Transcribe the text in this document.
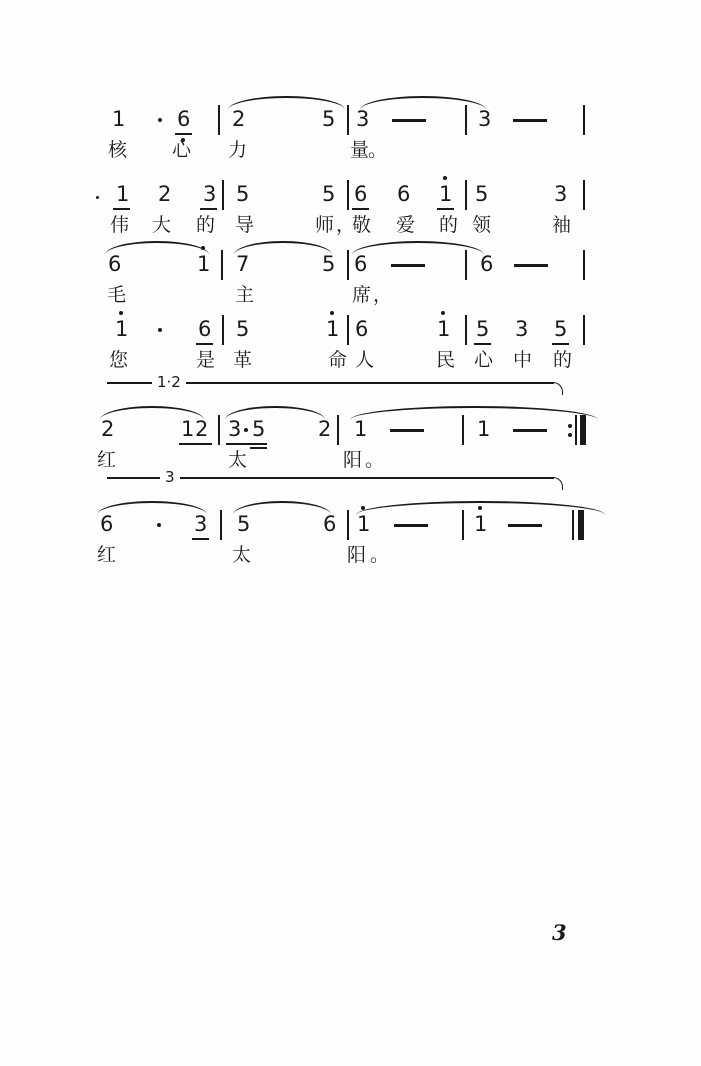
1 6 2	5 3	3
核 心 力	量
。
1 2 3 5	5 6 6 1 5	3
伟 大 的 导	师 ，
敬 爱 的 领	袖
6	1 7	5 6	6
毛	主	席 ，
1	6 5	1 6	1 5 3 5
您	是 革	命 人	民 心 中 的
2	1 2 3 5	2 1	1
红	太	阳 。
6	3 5	6 1	1
红	太	阳 。
1·2
3
3
